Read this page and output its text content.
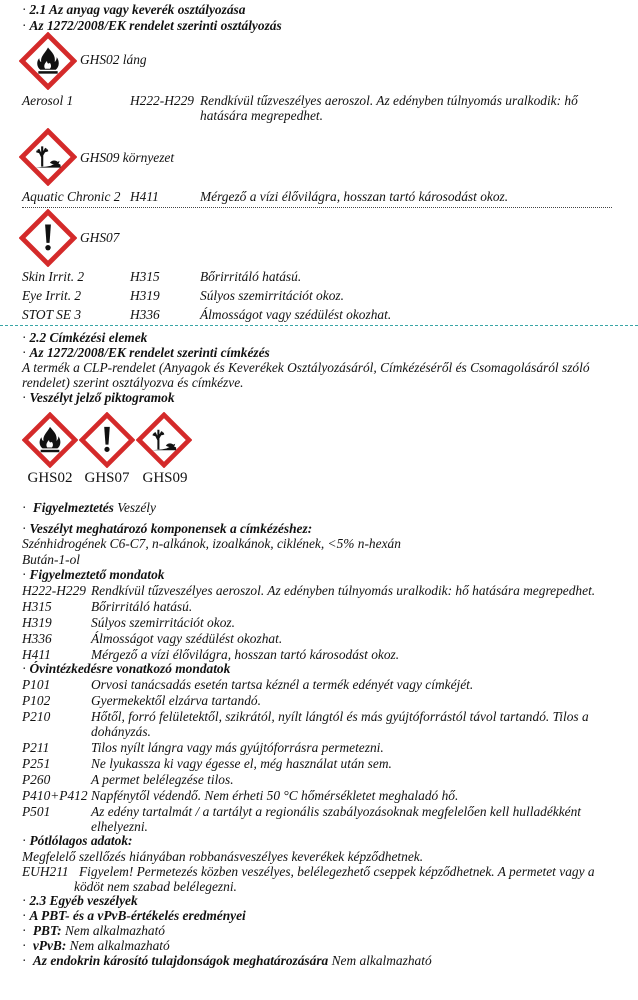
· 2.1 Az anyag vagy keverék osztályozása
· Az 1272/2008/EK rendelet szerinti osztályozás
GHS02 láng
Aerosol 1	H222-H229 Rendkívül tűzveszélyes aeroszol. Az edényben túlnyomás uralkodik: hő
hatására megrepedhet.
GHS09 környezet
Aquatic Chronic 2 H411	Mérgező a vízi élővilágra, hosszan tartó károsodást okoz.
GHS07
Skin Irrit. 2	H315	Bőrirritáló hatású.
Eye Irrit. 2	H319	Súlyos szemirritációt okoz.
STOT SE 3	H336	Álmosságot vagy szédülést okozhat.
· 2.2 Címkézési elemek
· Az 1272/2008/EK rendelet szerinti címkézés
A termék a CLP-rendelet (Anyagok és Keverékek Osztályozásáról, Címkézéséről és Csomagolásáról szóló
rendelet) szerint osztályozva és címkézve.
· Veszélyt jelző piktogramok
GHS02 GHS07 GHS09
· Figyelmeztetés Veszély
· Veszélyt meghatározó komponensek a címkézéshez:
Szénhidrogének C6-C7, n-alkánok, izoalkánok, ciklének, <5% n-hexán
Bután-1-ol
· Figyelmeztető mondatok
H222-H229 Rendkívül tűzveszélyes aeroszol. Az edényben túlnyomás uralkodik: hő hatására megrepedhet.
H315	Bőrirritáló hatású.
H319	Súlyos szemirritációt okoz.
H336	Álmosságot vagy szédülést okozhat.
H411	Mérgező a vízi élővilágra, hosszan tartó károsodást okoz.
· Óvintézkedésre vonatkozó mondatok
P101	Orvosi tanácsadás esetén tartsa kéznél a termék edényét vagy címkéjét.
P102	Gyermekektől elzárva tartandó.
P210	Hőtől, forró felületektől, szikrától, nyílt lángtól és más gyújtóforrástól távol tartandó. Tilos a
dohányzás.
P211	Tilos nyílt lángra vagy más gyújtóforrásra permetezni.
P251	Ne lyukassza ki vagy égesse el, még használat után sem.
P260	A permet belélegzése tilos.
P410+P412 Napfénytől védendő. Nem érheti 50 °C hőmérsékletet meghaladó hő.
P501	Az edény tartalmát / a tartályt a regionális szabályozásoknak megfelelően kell hulladékként
elhelyezni.
· Pótlólagos adatok:
Megfelelő szellőzés hiányában robbanásveszélyes keverékek képződhetnek.
EUH211 Figyelem! Permetezés közben veszélyes, belélegezhető cseppek képződhetnek. A permetet vagy a
ködöt nem szabad belélegezni.
· 2.3 Egyéb veszélyek
· A PBT- és a vPvB-értékelés eredményei
· PBT: Nem alkalmazható
· vPvB: Nem alkalmazható
· Az endokrin károsító tulajdonságok meghatározására Nem alkalmazható
